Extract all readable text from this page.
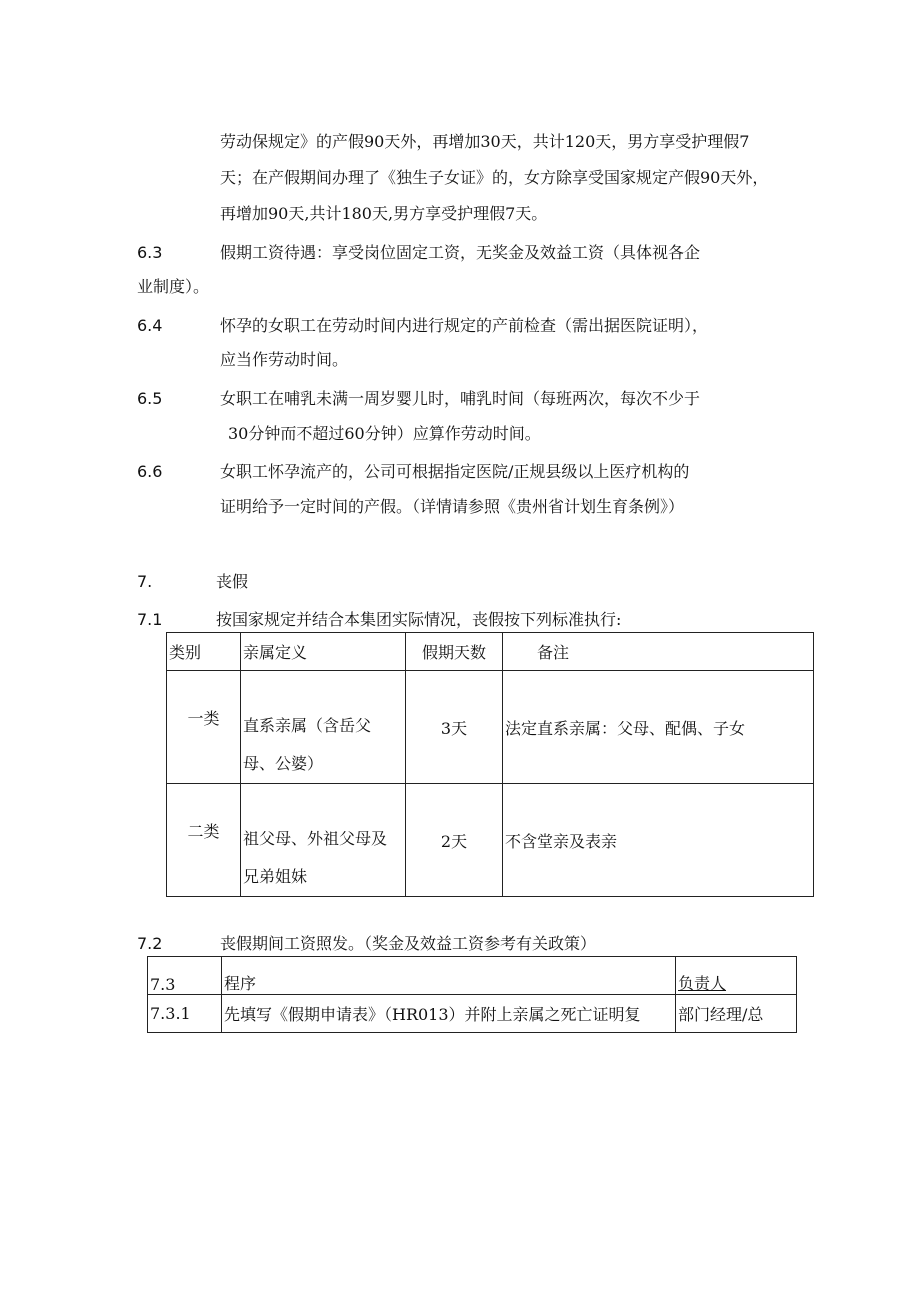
劳动保规定》的产假90天外，再增加30天，共计120天，男方享受护理假7
天；在产假期间办理了《独生子女证》的，女方除享受国家规定产假90天外，
再增加90天,共计180天,男方享受护理假7天。
6.3	假期工资待遇：享受岗位固定工资，无奖金及效益工资（具体视各企
业制度）。
6.4	怀孕的女职工在劳动时间内进行规定的产前检查（需出据医院证明），
应当作劳动时间。
6.5	女职工在哺乳未满一周岁婴儿时，哺乳时间（每班两次，每次不少于
30分钟而不超过60分钟）应算作劳动时间。
6.6	女职工怀孕流产的，公司可根据指定医院/正规县级以上医疗机构的
证明给予一定时间的产假。（详情请参照《贵州省计划生育条例》）
7.	丧假
7.1	按国家规定并结合本集团实际情况，丧假按下列标准执行:
类别	亲属定义	假期天数	备注
一类	直系亲属（含岳父
母、公婆）	3天	法定直系亲属：父母、配偶、子女
二类	祖父母、外祖父母及
兄弟姐妹	2天	不含堂亲及表亲
7.2	丧假期间工资照发。（奖金及效益工资参考有关政策）
7.3	程序	负责人
7.3.1	先填写《假期申请表》（HR013）并附上亲属之死亡证明复	部门经理/总
